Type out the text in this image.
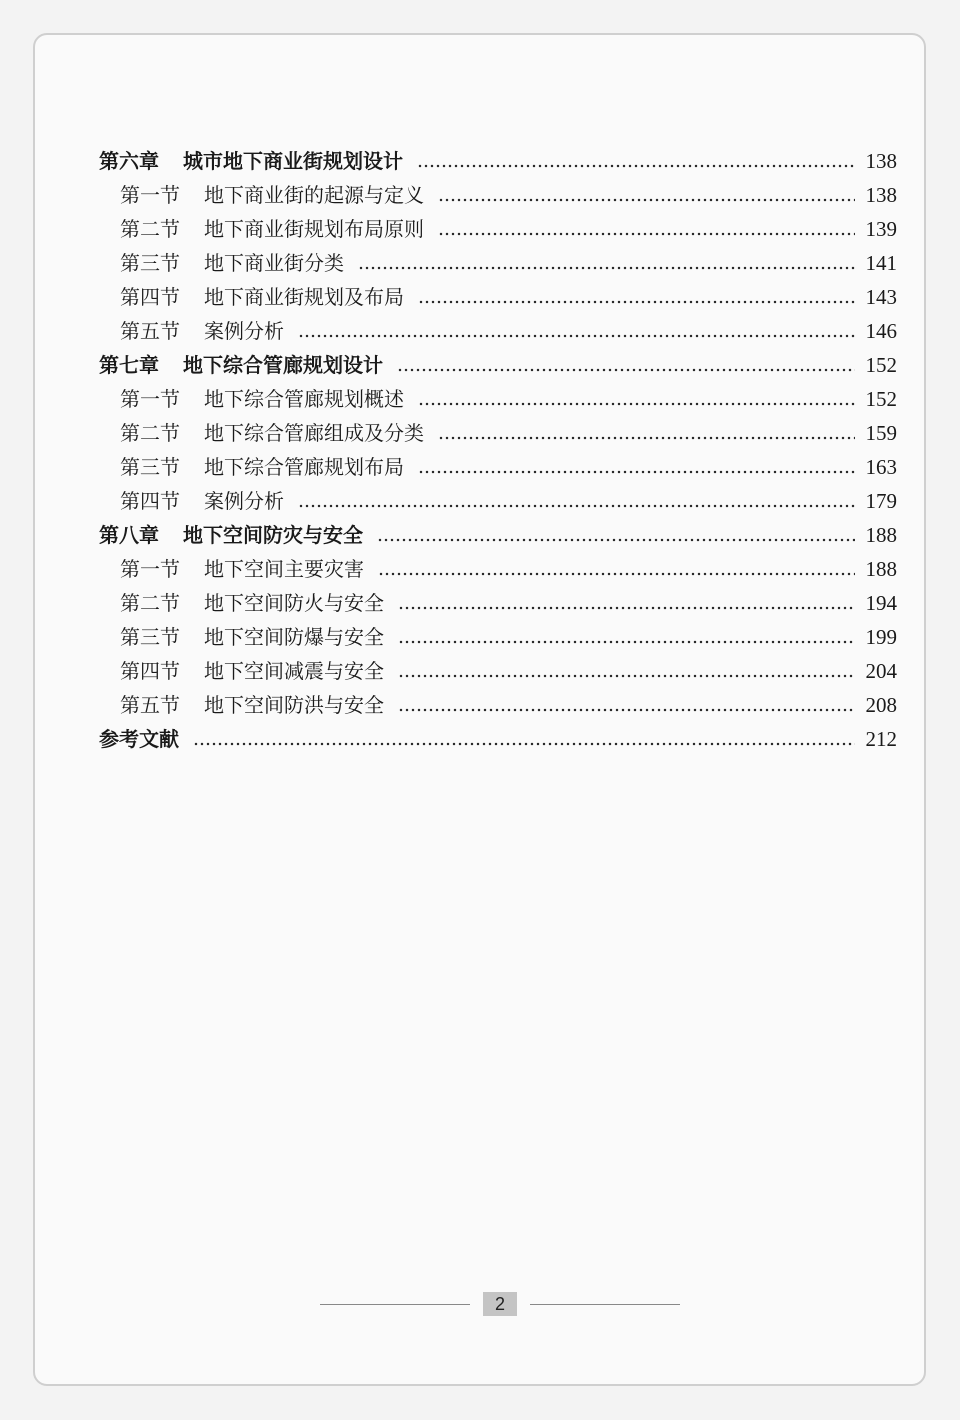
第六章 城市地下商业街规划设计	138
第一节 地下商业街的起源与定义	138
第二节 地下商业街规划布局原则	139
第三节 地下商业街分类	141
第四节 地下商业街规划及布局	143
第五节 案例分析	146
第七章 地下综合管廊规划设计	152
第一节 地下综合管廊规划概述	152
第二节 地下综合管廊组成及分类	159
第三节 地下综合管廊规划布局	163
第四节 案例分析	179
第八章 地下空间防灾与安全	188
第一节 地下空间主要灾害	188
第二节 地下空间防火与安全	194
第三节 地下空间防爆与安全	199
第四节 地下空间减震与安全	204
第五节 地下空间防洪与安全	208
参考文献	212
2
